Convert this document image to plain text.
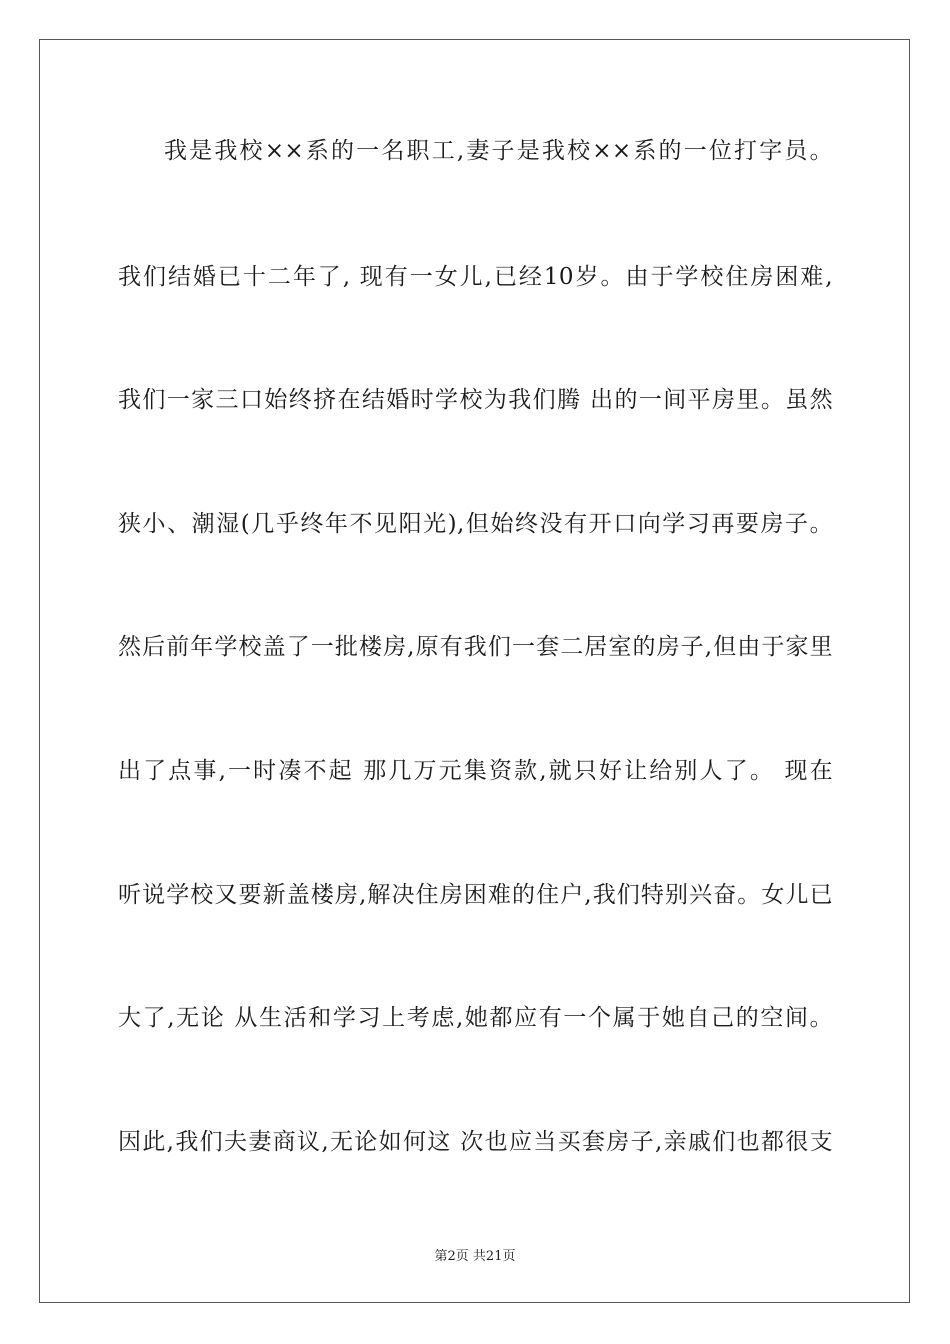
我是我校××系的一名职工,妻子是我校××系的一位打字员。
我们结婚已十二年了, 现有一女儿,已经10岁。由于学校住房困难,
我们一家三口始终挤在结婚时学校为我们腾 出的一间平房里。虽然
狭小、潮湿(几乎终年不见阳光),但始终没有开口向学习再要房子。
然后前年学校盖了一批楼房,原有我们一套二居室的房子,但由于家里
出了点事,一时凑不起 那几万元集资款,就只好让给别人了。 现在
听说学校又要新盖楼房,解决住房困难的住户,我们特别兴奋。女儿已
大了,无论 从生活和学习上考虑,她都应有一个属于她自己的空间。
因此,我们夫妻商议,无论如何这 次也应当买套房子,亲戚们也都很支
第2页 共21页
